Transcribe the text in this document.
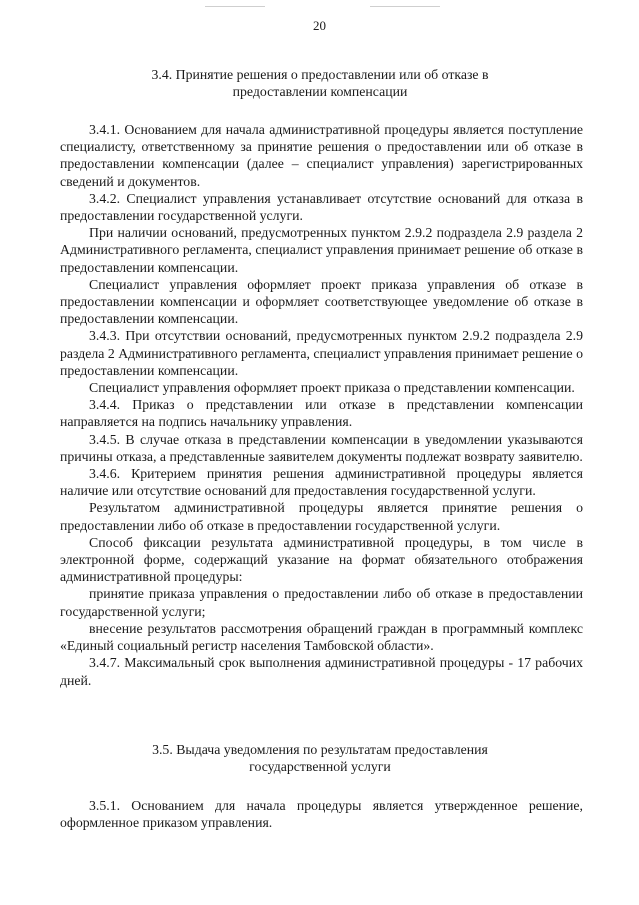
20
3.4. Принятие решения о предоставлении или об отказе в
предоставлении компенсации

3.4.1. Основанием для начала административной процедуры является поступление специалисту, ответственному за принятие решения о предоставлении или об отказе в предоставлении компенсации (далее – специалист управления) зарегистрированных сведений и документов.

3.4.2. Специалист управления устанавливает отсутствие оснований для отказа в предоставлении государственной услуги.

При наличии оснований, предусмотренных пунктом 2.9.2 подраздела 2.9 раздела 2 Административного регламента, специалист управления принимает решение об отказе в предоставлении компенсации.

Специалист управления оформляет проект приказа управления об отказе в предоставлении компенсации и оформляет соответствующее уведомление об отказе в предоставлении компенсации.

3.4.3. При отсутствии оснований, предусмотренных пунктом 2.9.2 подраздела 2.9 раздела 2 Административного регламента, специалист управления принимает решение о предоставлении компенсации.

Специалист управления оформляет проект приказа о представлении компенсации.

3.4.4. Приказ о представлении или отказе в представлении компенсации направляется на подпись начальнику управления.

3.4.5. В случае отказа в представлении компенсации в уведомлении указываются причины отказа, а представленные заявителем документы подлежат возврату заявителю.

3.4.6. Критерием принятия решения административной процедуры является наличие или отсутствие оснований для предоставления государственной услуги.

Результатом административной процедуры является принятие решения о предоставлении либо об отказе в предоставлении государственной услуги.

Способ фиксации результата административной процедуры, в том числе в электронной форме, содержащий указание на формат обязательного отображения административной процедуры:

принятие приказа управления о предоставлении либо об отказе в предоставлении государственной услуги;

внесение результатов рассмотрения обращений граждан в программный комплекс «Единый социальный регистр населения Тамбовской области».

3.4.7. Максимальный срок выполнения административной процедуры - 17 рабочих дней.

3.5. Выдача уведомления по результатам предоставления
государственной услуги

3.5.1. Основанием для начала процедуры является утвержденное решение, оформленное приказом управления.
